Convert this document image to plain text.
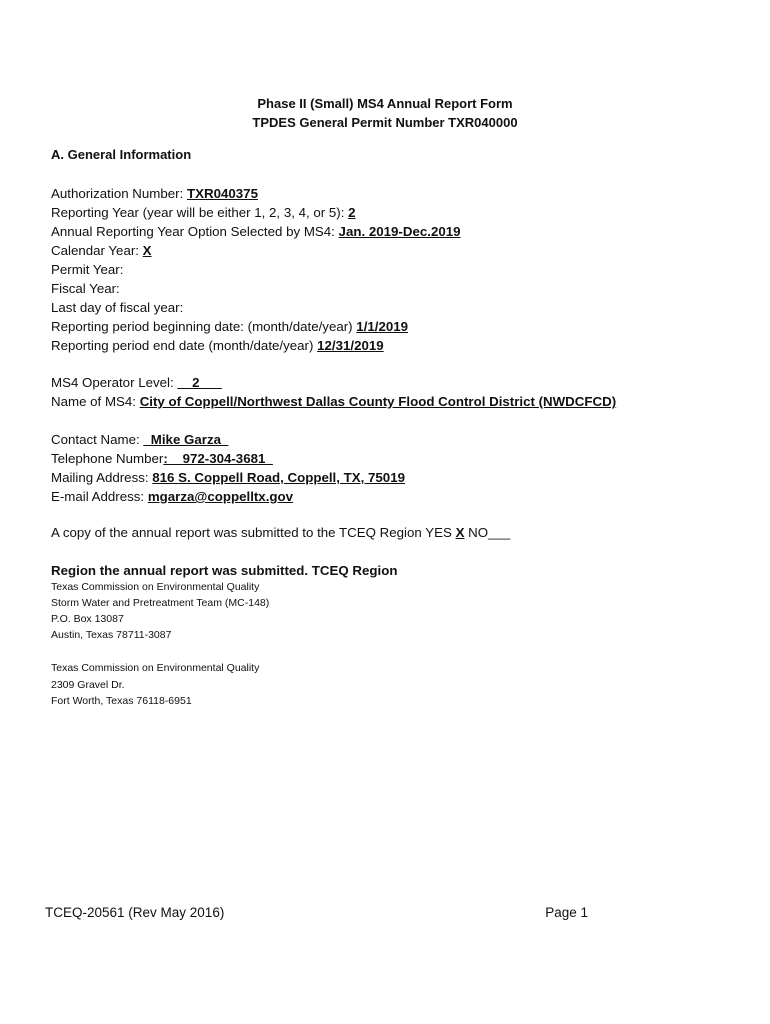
Phase II (Small) MS4 Annual Report Form
TPDES General Permit Number TXR040000
A. General Information
Authorization Number: TXR040375
Reporting Year (year will be either 1, 2, 3, 4, or 5): 2
Annual Reporting Year Option Selected by MS4: Jan. 2019-Dec.2019
Calendar Year: X
Permit Year:
Fiscal Year:
Last day of fiscal year:
Reporting period beginning date: (month/date/year) 1/1/2019
Reporting period end date (month/date/year) 12/31/2019
MS4 Operator Level: __2___
Name of MS4: City of Coppell/Northwest Dallas County Flood Control District (NWDCFCD)
Contact Name: _Mike Garza_
Telephone Number:__972-304-3681_
Mailing Address: 816 S. Coppell Road, Coppell, TX, 75019
E-mail Address: mgarza@coppelltx.gov
A copy of the annual report was submitted to the TCEQ Region YES X NO___
Region the annual report was submitted. TCEQ Region
Texas Commission on Environmental Quality
Storm Water and Pretreatment Team (MC-148)
P.O. Box 13087
Austin, Texas 78711-3087
Texas Commission on Environmental Quality
2309 Gravel Dr.
Fort Worth, Texas 76118-6951
TCEQ-20561 (Rev May 2016)	Page 1
